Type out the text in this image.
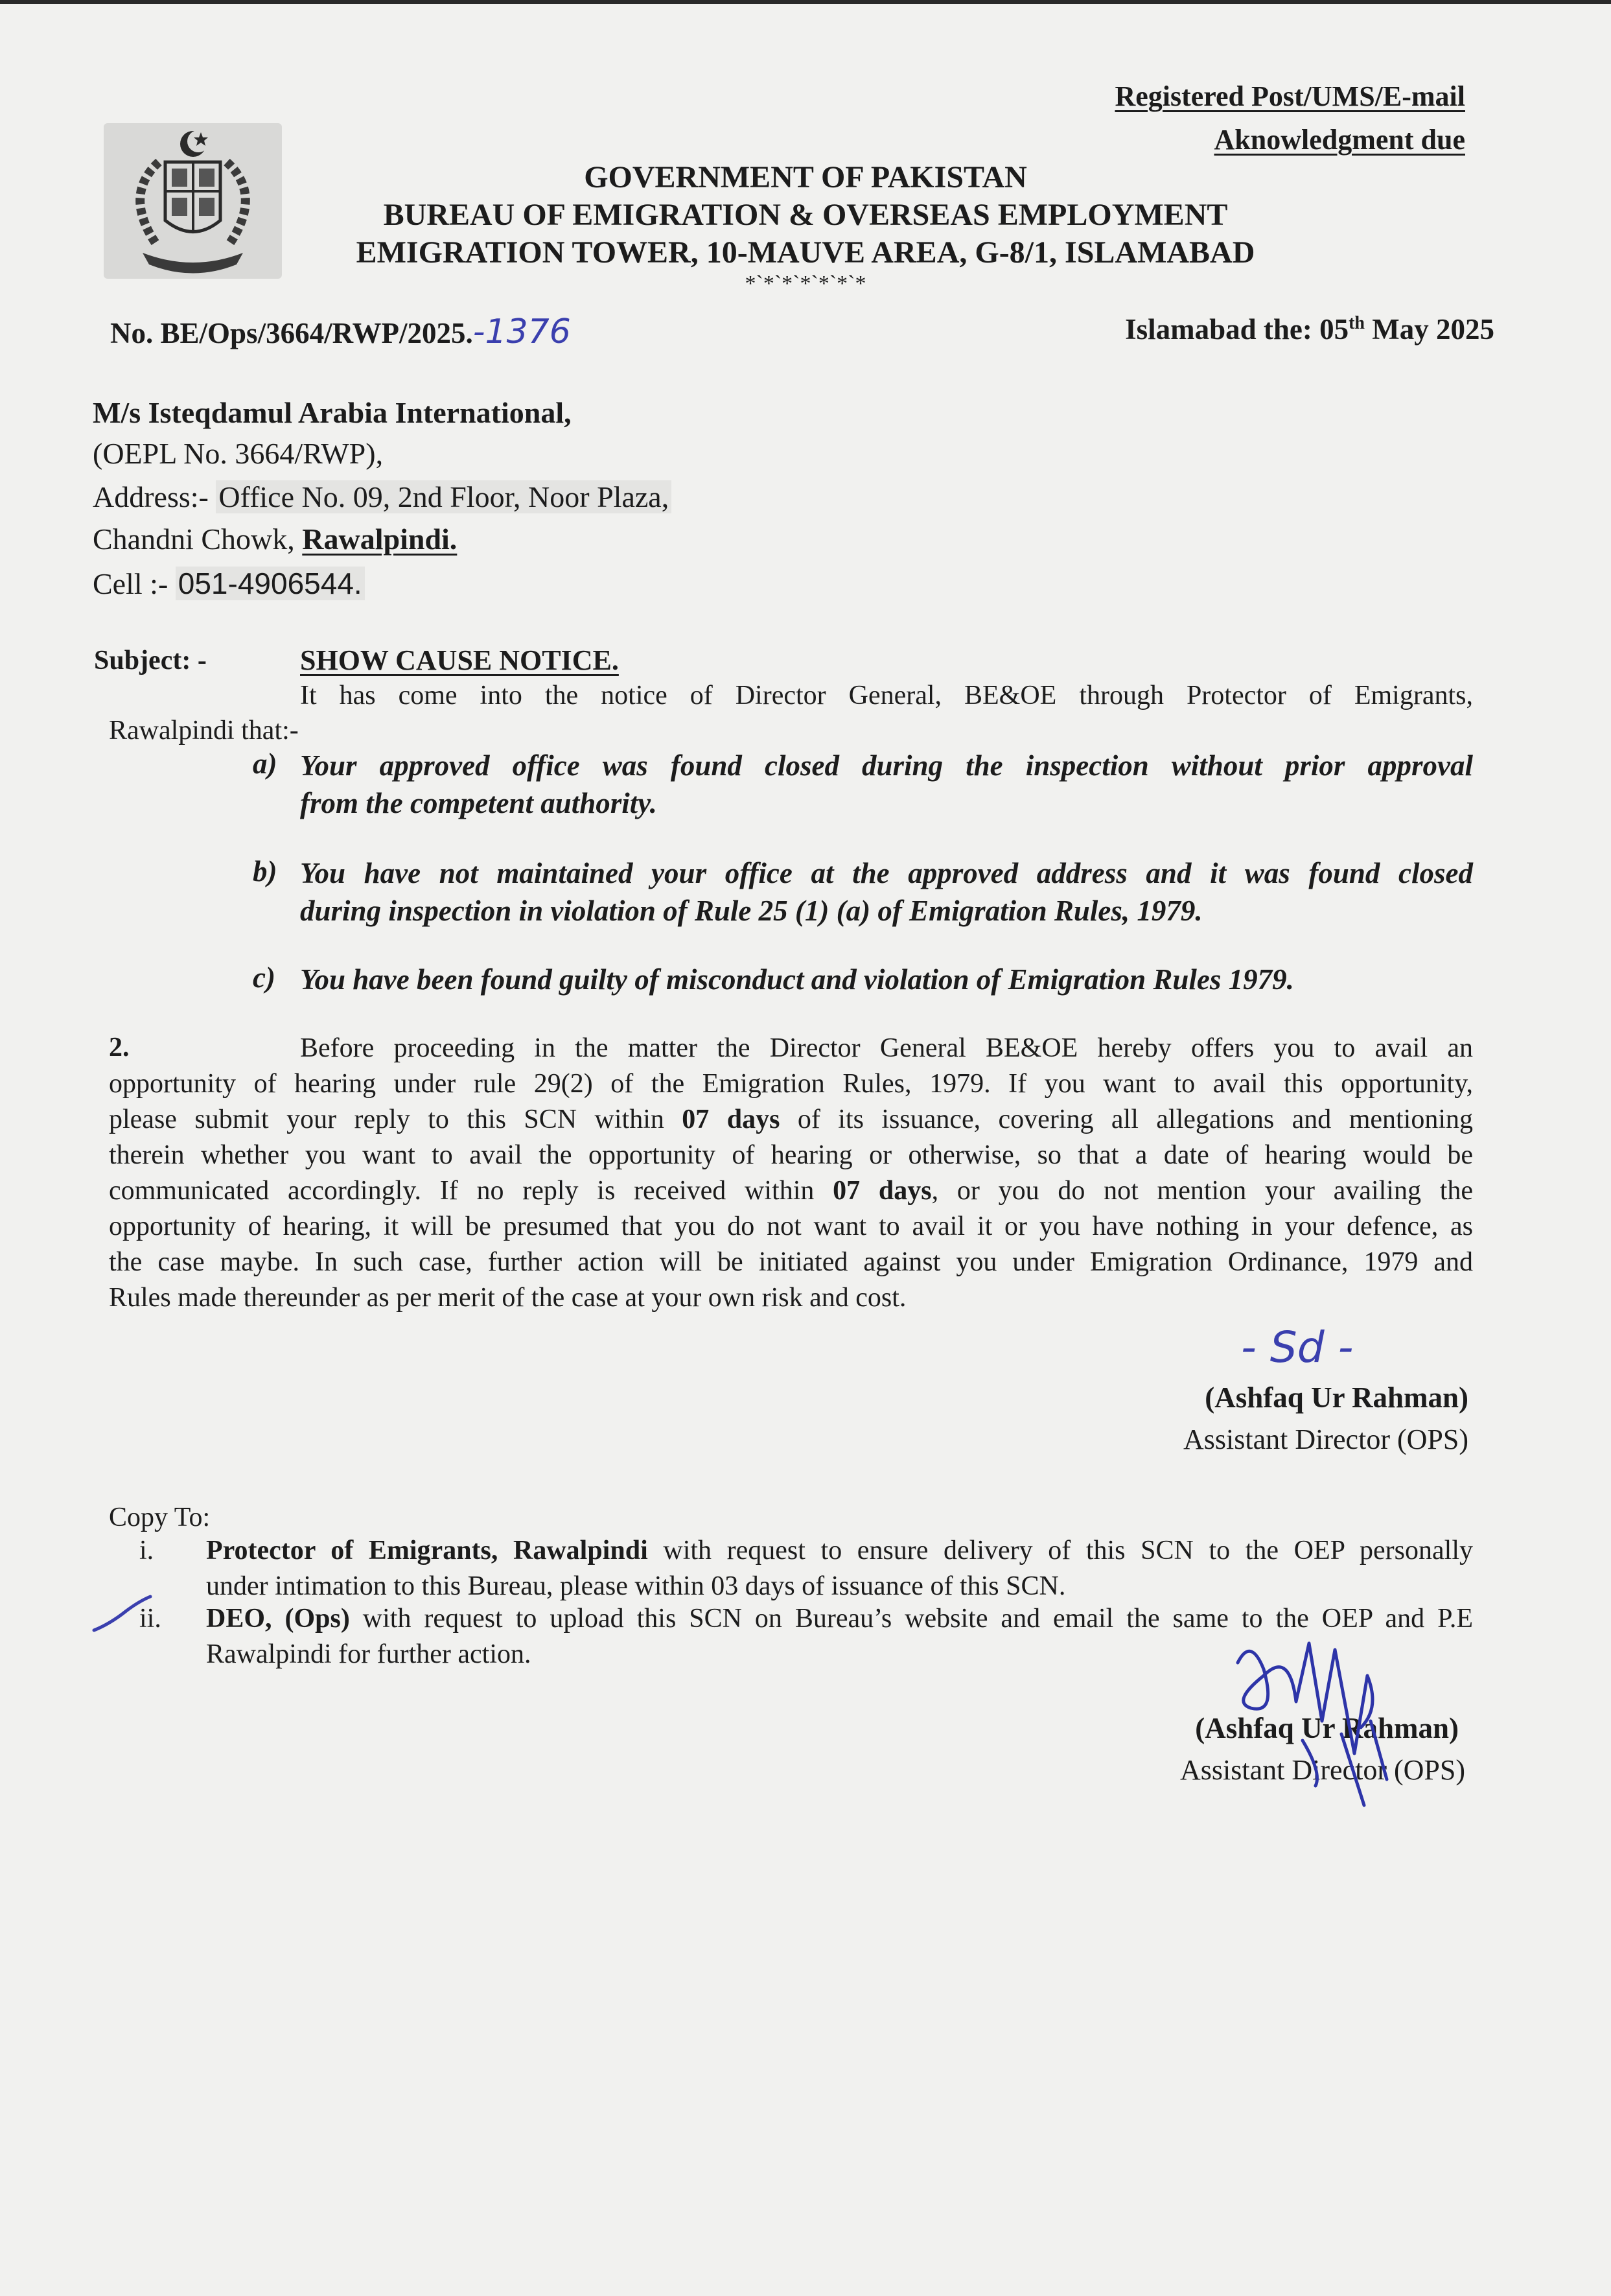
Registered Post/UMS/E-mail
Aknowledgment due
GOVERNMENT OF PAKISTAN
BUREAU OF EMIGRATION & OVERSEAS EMPLOYMENT
EMIGRATION TOWER, 10-MAUVE AREA, G-8/1, ISLAMABAD
*`*`*`*`*`*`*
No. BE/Ops/3664/RWP/2025.-1376	Islamabad the: 05th May 2025
M/s Isteqdamul Arabia International,
(OEPL No. 3664/RWP),
Address:- Office No. 09, 2nd Floor, Noor Plaza,
Chandni Chowk, Rawalpindi.
Cell :- 051-4906544.
Subject: -	SHOW CAUSE NOTICE.
It has come into the notice of Director General, BE&OE through Protector of Emigrants,
Rawalpindi that:-
a) Your approved office was found closed during the inspection without prior approval
from the competent authority.
b) You have not maintained your office at the approved address and it was found closed
during inspection in violation of Rule 25 (1) (a) of Emigration Rules, 1979.
c) You have been found guilty of misconduct and violation of Emigration Rules 1979.
2.	Before proceeding in the matter the Director General BE&OE hereby offers you to avail an
opportunity of hearing under rule 29(2) of the Emigration Rules, 1979. If you want to avail this opportunity,
please submit your reply to this SCN within 07 days of its issuance, covering all allegations and mentioning
therein whether you want to avail the opportunity of hearing or otherwise, so that a date of hearing would be
communicated accordingly. If no reply is received within 07 days, or you do not mention your availing the
opportunity of hearing, it will be presumed that you do not want to avail it or you have nothing in your defence, as
the case maybe. In such case, further action will be initiated against you under Emigration Ordinance, 1979 and
Rules made thereunder as per merit of the case at your own risk and cost.
- Sd -
(Ashfaq Ur Rahman)
Assistant Director (OPS)
Copy To:
i. Protector of Emigrants, Rawalpindi with request to ensure delivery of this SCN to the OEP personally
under intimation to this Bureau, please within 03 days of issuance of this SCN.
ii. DEO, (Ops) with request to upload this SCN on Bureau’s website and email the same to the OEP and P.E
Rawalpindi for further action.
(Ashfaq Ur Rahman)
Assistant Director (OPS)
